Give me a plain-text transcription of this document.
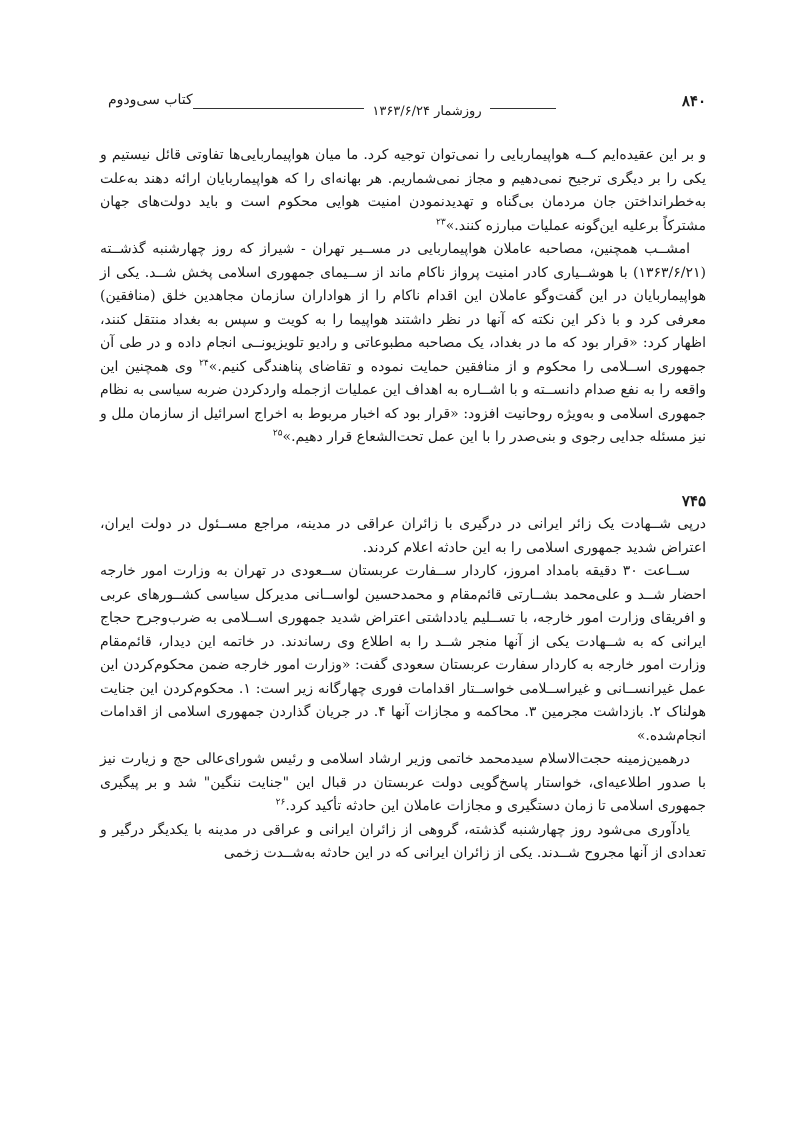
۸۴۰
روزشمار ۱۳۶۳/۶/۲۴
کتاب سی‌ودوم

و بر این عقیده‌ایم کــه هواپیماربایی را نمی‌توان توجیه کرد. ما میان هواپیماربایی‌ها تفاوتی قائل نیستیم و یکی را بر دیگری ترجیح نمی‌دهیم و مجاز نمی‌شماریم. هر بهانه‌ای را که هواپیماربایان ارائه دهند به‌علت به‌خطرانداختن جان مردمان بی‌گناه و تهدیدنمودن امنیت هوایی محکوم است و باید دولت‌های جهان مشترکاً برعلیه این‌گونه عملیات مبارزه کنند.»$^{۲۳}$

امشــب همچنین، مصاحبه عاملان هواپیماربایی در مســیر تهران - شیراز که روز چهارشنبه گذشــته (۱۳۶۳/۶/۲۱) با هوشــیاری کادر امنیت پرواز ناکام ماند از ســیمای جمهوری اسلامی پخش شــد. یکی از هواپیماربایان در این گفت‌وگو عاملان این اقدام ناکام را از هواداران سازمان مجاهدین خلق (منافقین) معرفی کرد و با ذکر این نکته که آنها در نظر داشتند هواپیما را به کویت و سپس به بغداد منتقل کنند، اظهار کرد: «قرار بود که ما در بغداد، یک مصاحبه مطبوعاتی و رادیو تلویزیونــی انجام داده و در طی آن جمهوری اســلامی را محکوم و از منافقین حمایت نموده و تقاضای پناهندگی کنیم.»$^{۲۴}$ وی همچنین این واقعه را به نفع صدام دانســته و با اشــاره به اهداف این عملیات ازجمله واردکردن ضربه سیاسی به نظام جمهوری اسلامی و به‌ویژه روحانیت افزود: «قرار بود که اخبار مربوط به اخراج اسرائیل از سازمان ملل و نیز مسئله جدایی رجوی و بنی‌صدر را با این عمل تحت‌الشعاع قرار دهیم.»$^{۲۵}$

۷۴۵

درپی شــهادت یک زائر ایرانی در درگیری با زائران عراقی در مدینه، مراجع مســئول در دولت ایران، اعتراض شدید جمهوری اسلامی را به این حادثه اعلام کردند.

ســاعت ۳۰ دقیقه بامداد امروز، کاردار ســفارت عربستان ســعودی در تهران به وزارت امور خارجه احضار شــد و علی‌محمد بشــارتی قائم‌مقام و محمدحسین لواســانی مدیرکل سیاسی کشــورهای عربی و افریقای وزارت امور خارجه، با تســلیم یادداشتی اعتراض شدید جمهوری اســلامی به ضرب‌وجرح حجاج ایرانی که به شــهادت یکی از آنها منجر شــد را به اطلاع وی رساندند. در خاتمه این دیدار، قائم‌مقام وزارت امور خارجه به کاردار سفارت عربستان سعودی گفت: «وزارت امور خارجه ضمن محکوم‌کردن این عمل غیرانســانی و غیراســلامی خواســتار اقدامات فوری چهارگانه زیر است: ۱. محکوم‌کردن این جنایت هولناک ۲. بازداشت مجرمین ۳. محاکمه و مجازات آنها ۴. در جریان گذاردن جمهوری اسلامی از اقدامات انجام‌شده.»

درهمین‌زمینه حجت‌الاسلام سیدمحمد خاتمی وزیر ارشاد اسلامی و رئیس شورای‌عالی حج و زیارت نیز با صدور اطلاعیه‌ای، خواستار پاسخ‌گویی دولت عربستان در قبال این "جنایت ننگین" شد و بر پیگیری جمهوری اسلامی تا زمان دستگیری و مجازات عاملان این حادثه تأکید کرد.$^{۲۶}$

یادآوری می‌شود روز چهارشنبه گذشته، گروهی از زائران ایرانی و عراقی در مدینه با یکدیگر درگیر و تعدادی از آنها مجروح شــدند. یکی از زائران ایرانی که در این حادثه به‌شــدت زخمی
